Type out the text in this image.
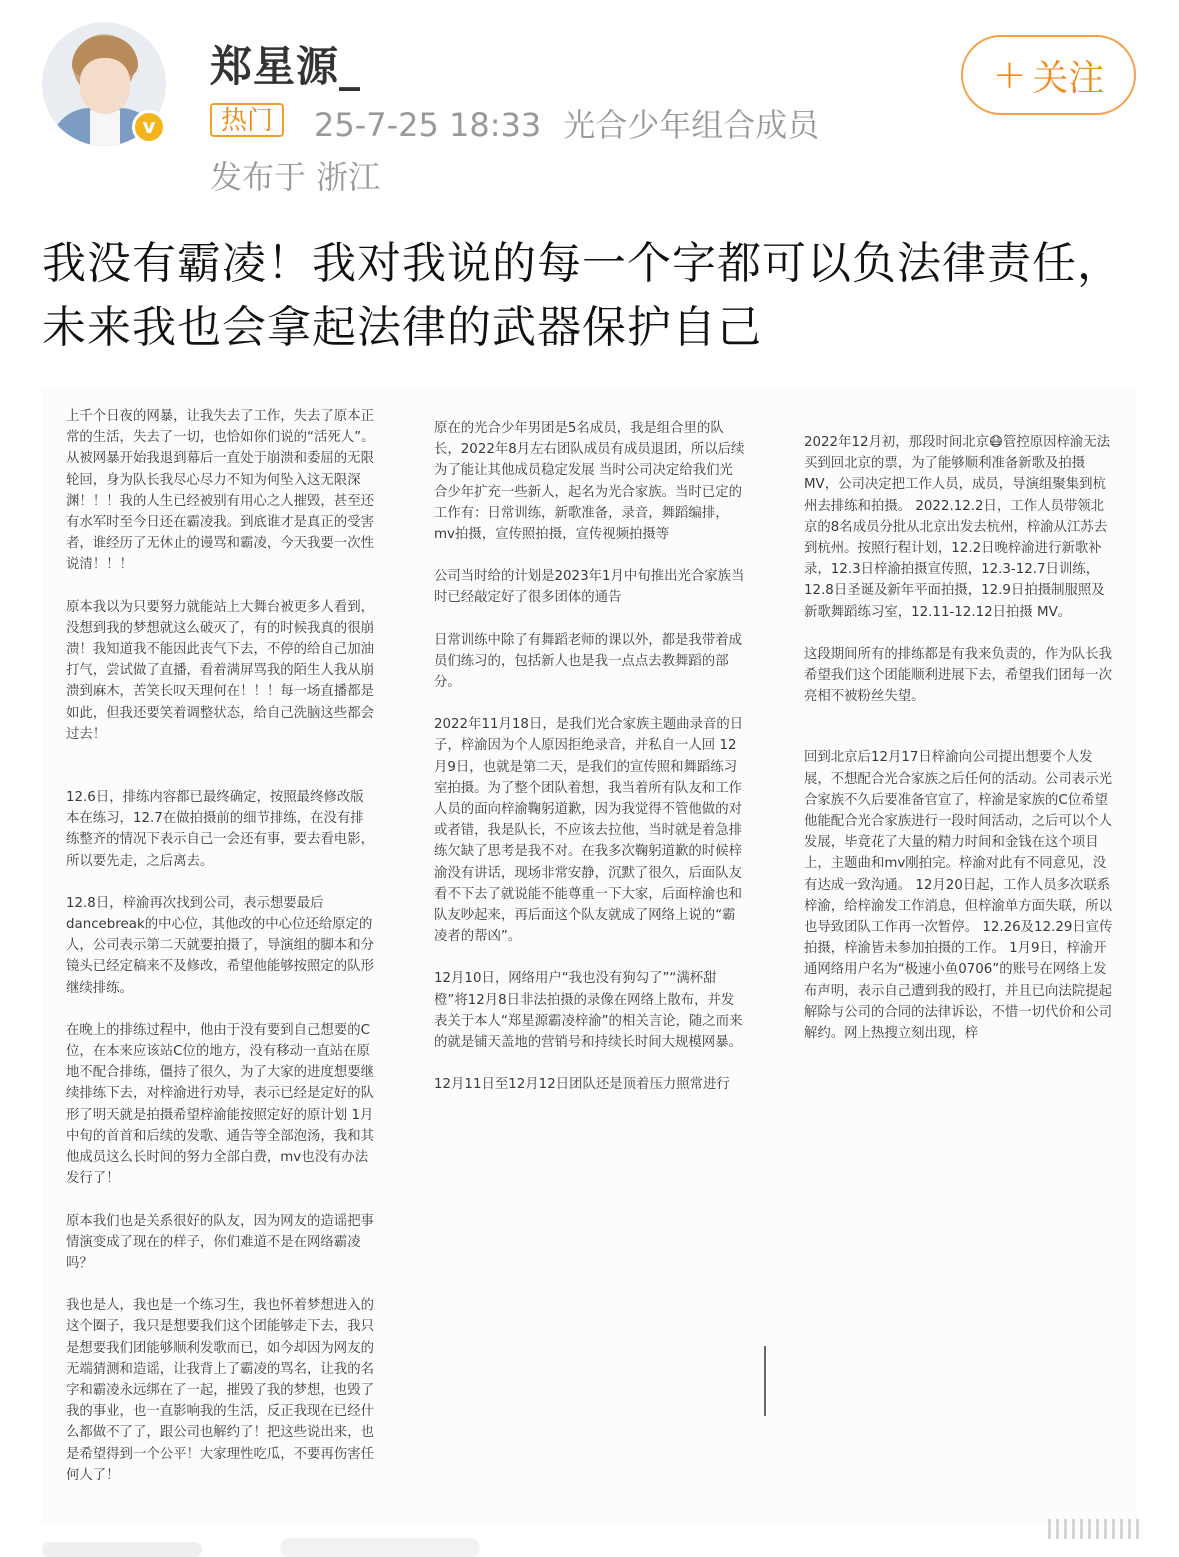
v
郑星源_
热门	25-7-25 18:33 光合少年组合成员
发布于 浙江
+ 关注
我没有霸凌！我对我说的每一个字都可以负法律责任，未来我也会拿起法律的武器保护自己

上千个日夜的网暴，让我失去了工作，失去了原本正常的生活，失去了一切，也恰如你们说的“活死人”。从被网暴开始我退到幕后一直处于崩溃和委屈的无限轮回，身为队长我尽心尽力不知为何坠入这无限深渊！！！我的人生已经被别有用心之人摧毁，甚至还有水军时至今日还在霸凌我。到底谁才是真正的受害者，谁经历了无休止的谩骂和霸凌，今天我要一次性说清！！！

原本我以为只要努力就能站上大舞台被更多人看到，没想到我的梦想就这么破灭了，有的时候我真的很崩溃！我知道我不能因此丧气下去，不停的给自己加油打气，尝试做了直播，看着满屏骂我的陌生人我从崩溃到麻木，苦笑长叹天理何在！！！每一场直播都是如此，但我还要笑着调整状态，给自己洗脑这些都会过去！

12.6日，排练内容都已最终确定，按照最终修改版本在练习，12.7在做拍摄前的细节排练，在没有排练整齐的情况下表示自己一会还有事，要去看电影，所以要先走，之后离去。

12.8日，梓渝再次找到公司，表示想要最后dancebreak的中心位，其他改的中心位还给原定的人，公司表示第二天就要拍摄了，导演组的脚本和分镜头已经定稿来不及修改，希望他能够按照定的队形继续排练。

在晚上的排练过程中，他由于没有要到自己想要的C位，在本来应该站C位的地方，没有移动一直站在原地不配合排练，僵持了很久，为了大家的进度想要继续排练下去，对梓渝进行劝导，表示已经是定好的队形了明天就是拍摄希望梓渝能按照定好的原计划 1月中旬的首首和后续的发歌、通告等全部泡汤，我和其他成员这么长时间的努力全部白费，mv也没有办法发行了！

原本我们也是关系很好的队友，因为网友的造谣把事情演变成了现在的样子，你们难道不是在网络霸凌吗？

我也是人，我也是一个练习生，我也怀着梦想进入的这个圈子，我只是想要我们这个团能够走下去，我只是想要我们团能够顺利发歌而已，如今却因为网友的无端猜测和造谣，让我背上了霸凌的骂名，让我的名字和霸凌永远绑在了一起，摧毁了我的梦想，也毁了我的事业，也一直影响我的生活，反正我现在已经什么都做不了了，跟公司也解约了！把这些说出来，也是希望得到一个公平！大家理性吃瓜，不要再伤害任何人了！

原在的光合少年男团是5名成员，我是组合里的队长，2022年8月左右团队成员有成员退团，所以后续为了能让其他成员稳定发展 当时公司决定给我们光合少年扩充一些新人，起名为光合家族。当时已定的工作有：日常训练，新歌准备，录音，舞蹈编排，mv拍摄，宣传照拍摄，宣传视频拍摄等

公司当时给的计划是2023年1月中旬推出光合家族当时已经敲定好了很多团体的通告

日常训练中除了有舞蹈老师的课以外，都是我带着成员们练习的，包括新人也是我一点点去教舞蹈的部分。

2022年11月18日，是我们光合家族主题曲录音的日子，梓渝因为个人原因拒绝录音，并私自一人回 12月9日，也就是第二天，是我们的宣传照和舞蹈练习室拍摄。为了整个团队着想，我当着所有队友和工作人员的面向梓渝鞠躬道歉，因为我觉得不管他做的对或者错，我是队长，不应该去拉他，当时就是着急排练欠缺了思考是我不对。在我多次鞠躬道歉的时候梓渝没有讲话，现场非常安静，沉默了很久，后面队友看不下去了就说能不能尊重一下大家，后面梓渝也和队友吵起来，再后面这个队友就成了网络上说的“霸凌者的帮凶”。

12月10日，网络用户“我也没有狗勾了”“满杯甜橙”将12月8日非法拍摄的录像在网络上散布，并发表关于本人“郑星源霸凌梓渝”的相关言论，随之而来的就是铺天盖地的营销号和持续长时间大规模网暴。

12月11日至12月12日团队还是顶着压力照常进行

2022年12月初，那段时间北京😷管控原因梓渝无法买到回北京的票，为了能够顺利准备新歌及拍摄MV，公司决定把工作人员，成员，导演组聚集到杭州去排练和拍摄。 2022.12.2日，工作人员带领北京的8名成员分批从北京出发去杭州，梓渝从江苏去到杭州。按照行程计划，12.2日晚梓渝进行新歌补录，12.3日梓渝拍摄宣传照，12.3-12.7日训练，12.8日圣诞及新年平面拍摄，12.9日拍摄制服照及新歌舞蹈练习室，12.11-12.12日拍摄 MV。

这段期间所有的排练都是有我来负责的，作为队长我希望我们这个团能顺利进展下去，希望我们团每一次亮相不被粉丝失望。

回到北京后12月17日梓渝向公司提出想要个人发展，不想配合光合家族之后任何的活动。公司表示光合家族不久后要准备官宣了，梓渝是家族的C位希望他能配合光合家族进行一段时间活动，之后可以个人发展，毕竟花了大量的精力时间和金钱在这个项目上，主题曲和mv刚拍完。梓渝对此有不同意见，没有达成一致沟通。 12月20日起，工作人员多次联系梓渝，给梓渝发工作消息，但梓渝单方面失联，所以也导致团队工作再一次暂停。 12.26及12.29日宣传拍摄，梓渝皆未参加拍摄的工作。 1月9日，梓渝开通网络用户名为“极速小鱼0706”的账号在网络上发布声明，表示自己遭到我的殴打，并且已向法院提起解除与公司的合同的法律诉讼，不惜一切代价和公司解约。网上热搜立刻出现，梓
